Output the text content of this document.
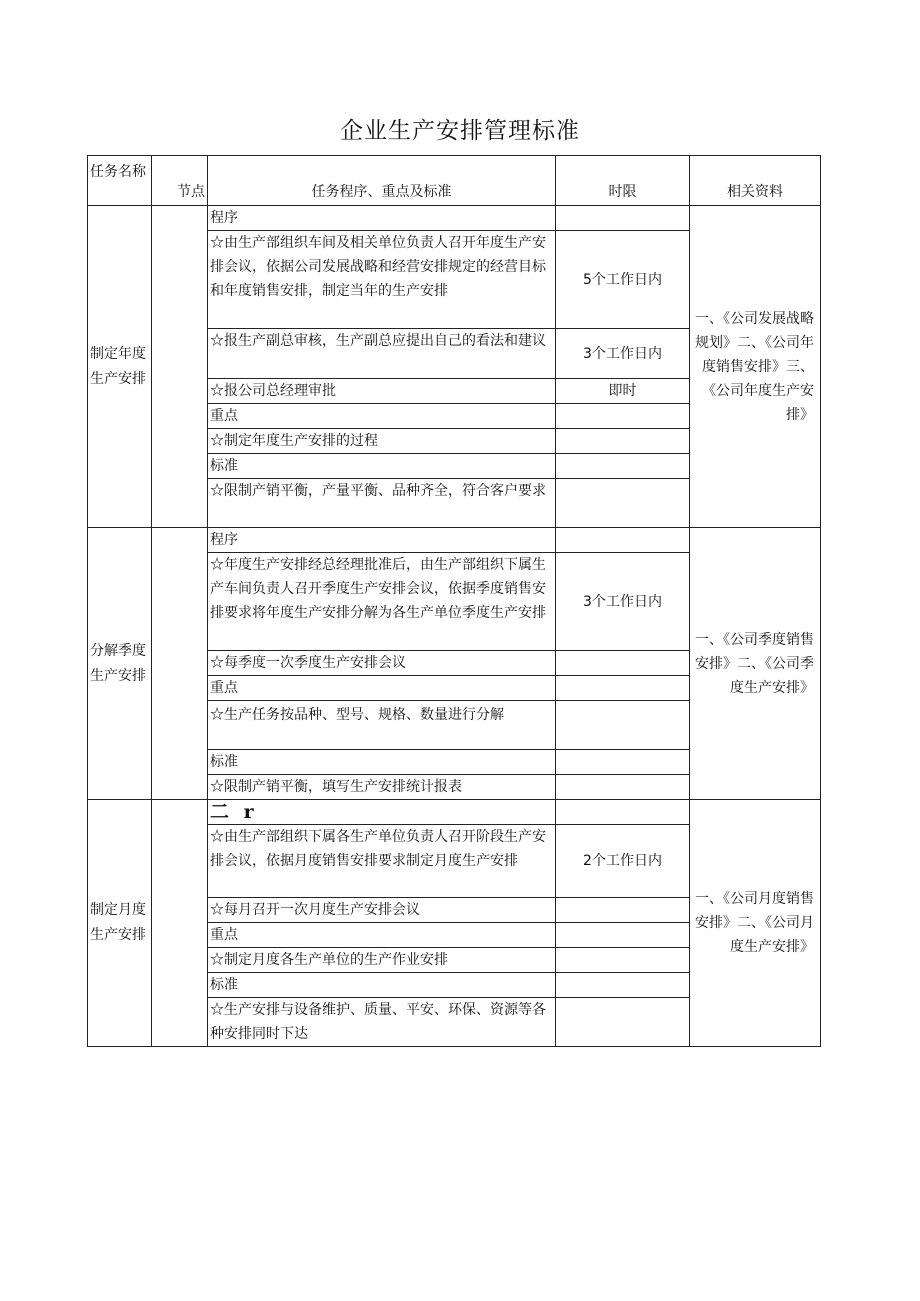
企业生产安排管理标准
任务名称	节点	任务程序、重点及标准	时限	相关资料
制定年度生产安排		程序		一、《公司发展战略规划》二、《公司年度销售安排》三、《公司年度生产安排》
		☆由生产部组织车间及相关单位负责人召开年度生产安排会议，依据公司发展战略和经营安排规定的经营目标和年度销售安排，制定当年的生产安排	5个工作日内	
		☆报生产副总审核，生产副总应提出自己的看法和建议	3个工作日内	
		☆报公司总经理审批	即时	
		重点		
		☆制定年度生产安排的过程		
		标准		
		☆限制产销平衡，产量平衡、品种齐全，符合客户要求		
分解季度生产安排		程序		一、《公司季度销售安排》二、《公司季度生产安排》
		☆年度生产安排经总经理批准后，由生产部组织下属生产车间负责人召开季度生产安排会议，依据季度销售安排要求将年度生产安排分解为各生产单位季度生产安排	3个工作日内	
		☆每季度一次季度生产安排会议		
		重点		
		☆生产任务按品种、型号、规格、数量进行分解		
		标准		
		☆限制产销平衡，填写生产安排统计报表		
制定月度生产安排		二 r		一、《公司月度销售安排》二、《公司月度生产安排》
		☆由生产部组织下属各生产单位负责人召开阶段生产安排会议，依据月度销售安排要求制定月度生产安排	2个工作日内	
		☆每月召开一次月度生产安排会议		
		重点		
		☆制定月度各生产单位的生产作业安排		
		标准		
		☆生产安排与设备维护、质量、平安、环保、资源等各种安排同时下达		
